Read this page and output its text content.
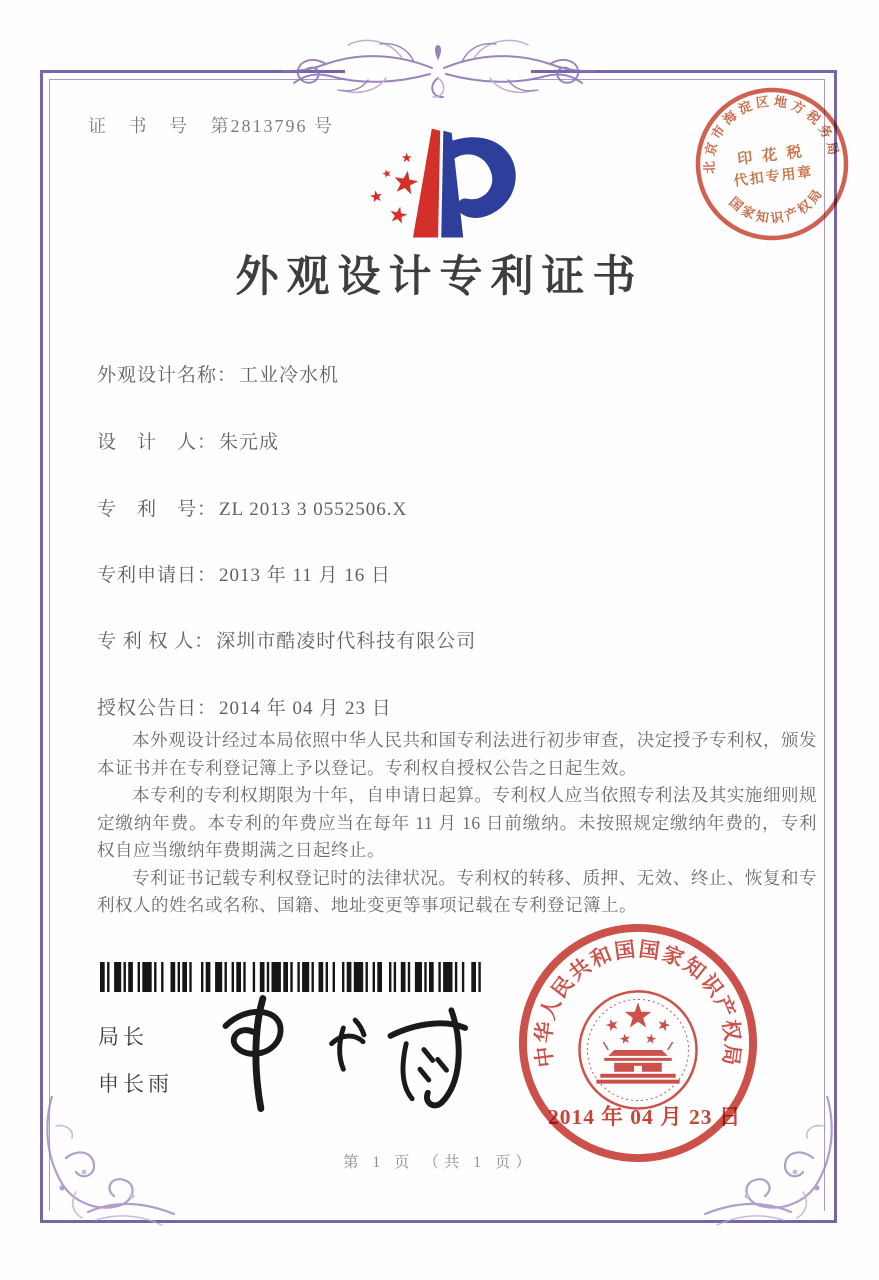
证 书 号 第2813796 号
外观设计专利证书
外观设计名称： 工业冷水机
设　计　人： 朱元成
专　利　号： ZL 2013 3 0552506.X
专利申请日： 2013 年 11 月 16 日
专 利 权 人： 深圳市酷凌时代科技有限公司
授权公告日： 2014 年 04 月 23 日

本外观设计经过本局依照中华人民共和国专利法进行初步审查，决定授予专利权，颁发本证书并在专利登记簿上予以登记。专利权自授权公告之日起生效。

本专利的专利权期限为十年，自申请日起算。专利权人应当依照专利法及其实施细则规定缴纳年费。本专利的年费应当在每年 11 月 16 日前缴纳。未按照规定缴纳年费的，专利权自应当缴纳年费期满之日起终止。

专利证书记载专利权登记时的法律状况。专利权的转移、质押、无效、终止、恢复和专利权人的姓名或名称、国籍、地址变更等事项记载在专利登记簿上。

局长
申长雨
中华人民共和国国家知识产权局
2014 年 04 月 23 日
北京市海淀区地方税务局
国家知识产权局
印 花 税
代扣专用章
第 1 页 （共 1 页）
